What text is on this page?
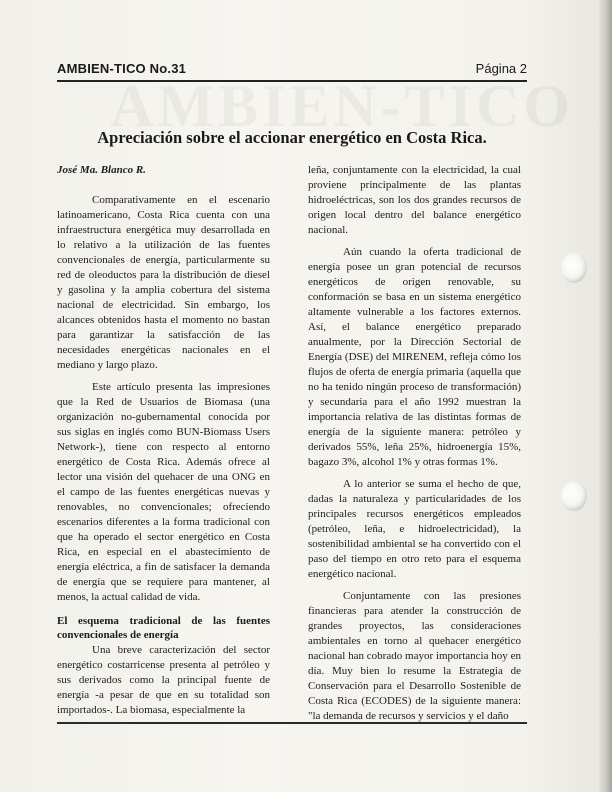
AMBIEN-TICO No.31	Página 2
Apreciación sobre el accionar energético en Costa Rica.
José Ma. Blanco R.

Comparativamente en el escenario latinoamericano, Costa Rica cuenta con una infraestructura energética muy desarrollada en lo relativo a la utilización de las fuentes convencionales de energía, particularmente su red de oleoductos para la distribución de diesel y gasolina y la amplia cobertura del sistema nacional de electricidad. Sin embargo, los alcances obtenidos hasta el momento no bastan para garantizar la satisfacción de las necesidades energéticas nacionales en el mediano y largo plazo.

Este artículo presenta las impresiones que la Red de Usuarios de Biomasa (una organización no-gubernamental conocida por sus siglas en inglés como BUN-Biomass Users Network-), tiene con respecto al entorno energético de Costa Rica. Además ofrece al lector una visión del quehacer de una ONG en el campo de las fuentes energéticas nuevas y renovables, no convencionales; ofreciendo escenarios diferentes a la forma tradicional con que ha operado el sector energético en Costa Rica, en especial en el abastecimiento de energía eléctrica, a fin de satisfacer la demanda de energía que se requiere para mantener, al menos, la actual calidad de vida.

El esquema tradicional de las fuentes convencionales de energía

Una breve caracterización del sector energético costarricense presenta al petróleo y sus derivados como la principal fuente de energía -a pesar de que en su totalidad son importados-. La biomasa, especialmente la

leña, conjuntamente con la electricidad, la cual proviene principalmente de las plantas hidroeléctricas, son los dos grandes recursos de origen local dentro del balance energético nacional.

Aún cuando la oferta tradicional de energía posee un gran potencial de recursos energéticos de origen renovable, su conformación se basa en un sistema energético altamente vulnerable a los factores externos. Así, el balance energético preparado anualmente, por la Dirección Sectorial de Energía (DSE) del MIRENEM, refleja cómo los flujos de oferta de energía primaria (aquella que no ha tenido ningún proceso de transformación) y secundaria para el año 1992 muestran la importancia relativa de las distintas formas de energía de la siguiente manera: petróleo y derivados 55%, leña 25%, hidroenergía 15%, bagazo 3%, alcohol 1% y otras formas 1%.

A lo anterior se suma el hecho de que, dadas la naturaleza y particularidades de los principales recursos energéticos empleados (petróleo, leña, e hidroelectricidad), la sostenibilidad ambiental se ha convertido con el paso del tiempo en otro reto para el esquema energético nacional.

Conjuntamente con las presiones financieras para atender la construcción de grandes proyectos, las consideraciones ambientales en torno al quehacer energético nacional han cobrado mayor importancia hoy en día. Muy bien lo resume la Estrategia de Conservación para el Desarrollo Sostenible de Costa Rica (ECODES) de la siguiente manera: "la demanda de recursos y servicios y el daño
